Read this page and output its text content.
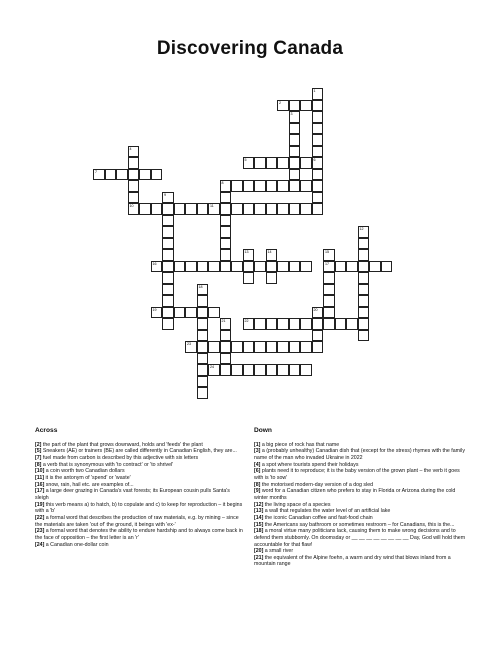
Discovering Canada
1
6
2
3
4
5
7
8
9
10	11
12
13	14	15
17
16
18
19	20
21	22
23
24
Across
[2] the part of the plant that grows downward, holds and 'feeds' the plant
[5] Sneakers (AE) or trainers (BE) are called differently in Canadian English, they are...
[7] fuel made from carbon is described by this adjective with six letters
[8] a verb that is synonymous with 'to contract' or 'to shrivel'
[10] a coin worth two Canadian dollars
[11] it is the antonym of 'spend' or 'waste'
[16] snow, rain, hail etc. are examples of...
[17] a large deer grazing in Canada's vast forests; its European cousin pulls Santa's sleigh
[19] this verb means a) to hatch, b) to copulate and c) to keep for reproduction – it begins with a 'b'
[22] a formal word that describes the production of raw materials, e.g. by mining – since the materials are taken 'out of' the ground, it beings with 'ex-'
[23] a formal word that denotes the ability to endure hardship and to always come back in the face of opposition – the first letter is an 'r'
[24] a Canadian one-dollar coin
Down
[1] a big piece of rock has that name
[3] a (probably unhealthy) Canadian dish that (except for the stress) rhymes with the family name of the man who invaded Ukraine in 2022
[4] a spot where tourists spend their holidays
[6] plants need it to reproduce; it is the baby version of the grown plant – the verb it goes with is 'to sow'
[8] the motorised modern-day version of a dog sled
[9] word for a Canadian citizen who prefers to stay in Florida or Arizona during the cold winter months
[12] the living space of a species
[13] a wall that regulates the water level of an artificial lake
[14] the iconic Canadian coffee and fast-food chain
[15] the Americans say bathroom or sometimes restroom – for Canadians, this is the...
[18] a moral virtue many politicians lack, causing them to make wrong decisions and to defend them stubbornly. On doomsday or __ __ __ __ __ __ __ __ Day, God will hold them accountable for that flaw!
[20] a small river
[21] the equivalent of the Alpine foehn, a warm and dry wind that blows inland from a mountain range
